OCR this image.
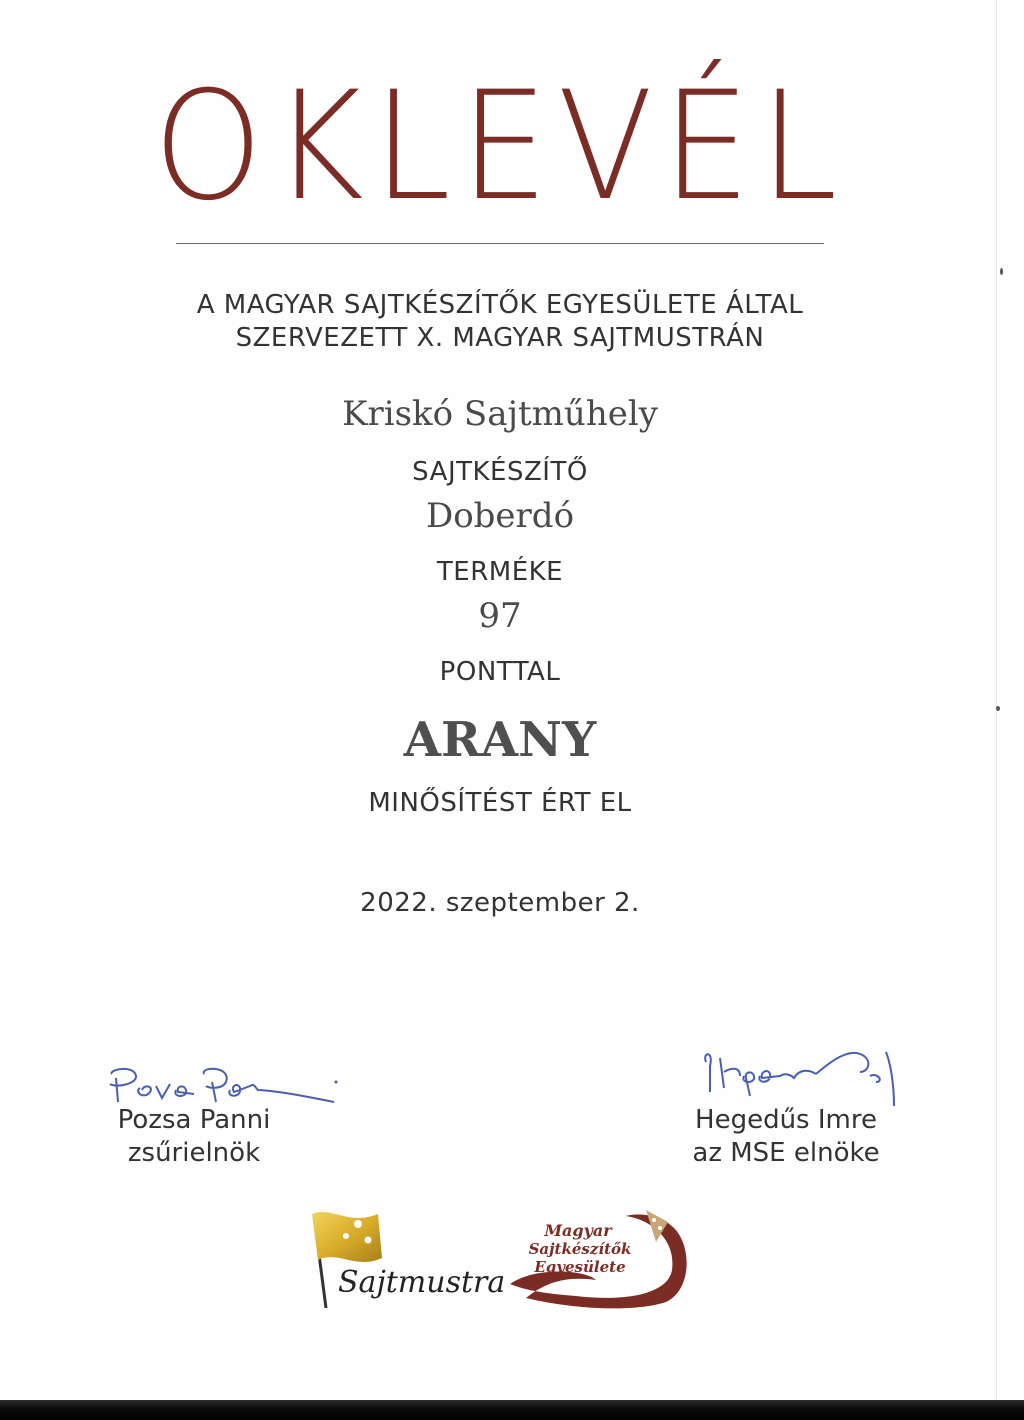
OKLEVÉL
A MAGYAR SAJTKÉSZÍTŐK EGYESÜLETE ÁLTAL
SZERVEZETT X. MAGYAR SAJTMUSTRÁN
Kriskó Sajtműhely
SAJTKÉSZÍTŐ
Doberdó
TERMÉKE
97
PONTTAL
ARANY
MINŐSÍTÉST ÉRT EL
2022. szeptember 2.
Pozsa Panni
zsűrielnök
Hegedűs Imre
az MSE elnöke
Sajtmustra
Magyar
Sajtkészítők
Egyesülete
